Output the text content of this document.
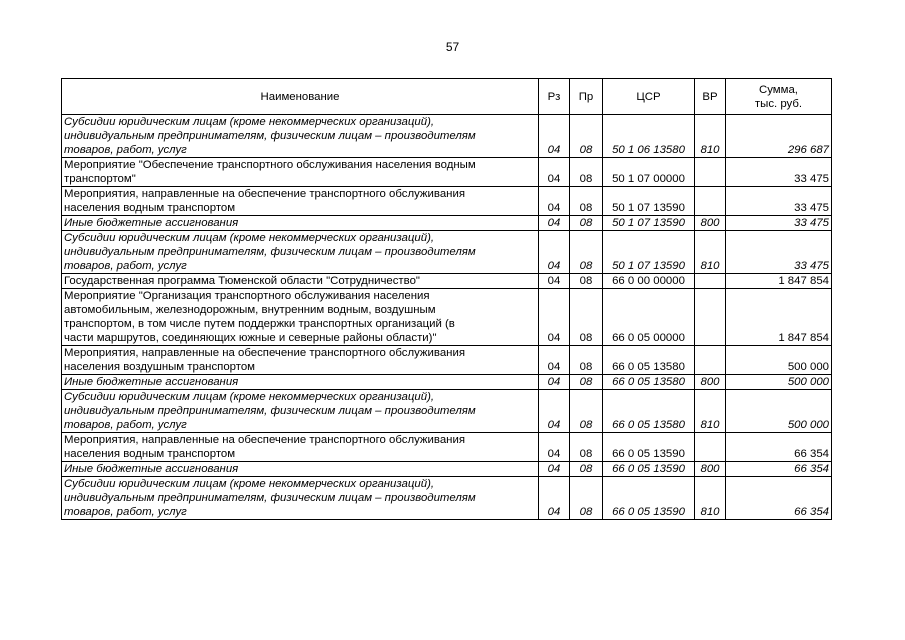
57
Наименование	Рз	Пр	ЦСР	ВР	Сумма,
тыс. руб.

Субсидии юридическим лицам (кроме некоммерческих организаций),
индивидуальным предпринимателям, физическим лицам – производителям
товаров, работ, услуг	04	08	50 1 06 13580	810	296 687

Мероприятие "Обеспечение транспортного обслуживания населения водным
транспортом"	04	08	50 1 07 00000		33 475

Мероприятия, направленные на обеспечение транспортного обслуживания
населения водным транспортом	04	08	50 1 07 13590		33 475

Иные бюджетные ассигнования	04	08	50 1 07 13590	800	33 475

Субсидии юридическим лицам (кроме некоммерческих организаций),
индивидуальным предпринимателям, физическим лицам – производителям
товаров, работ, услуг	04	08	50 1 07 13590	810	33 475

Государственная программа Тюменской области "Сотрудничество"	04	08	66 0 00 00000		1 847 854

Мероприятие "Организация транспортного обслуживания населения
автомобильным, железнодорожным, внутренним водным, воздушным
транспортом, в том числе путем поддержки транспортных организаций (в
части маршрутов, соединяющих южные и северные районы области)"	04	08	66 0 05 00000		1 847 854

Мероприятия, направленные на обеспечение транспортного обслуживания
населения воздушным транспортом	04	08	66 0 05 13580		500 000

Иные бюджетные ассигнования	04	08	66 0 05 13580	800	500 000

Субсидии юридическим лицам (кроме некоммерческих организаций),
индивидуальным предпринимателям, физическим лицам – производителям
товаров, работ, услуг	04	08	66 0 05 13580	810	500 000

Мероприятия, направленные на обеспечение транспортного обслуживания
населения водным транспортом	04	08	66 0 05 13590		66 354

Иные бюджетные ассигнования	04	08	66 0 05 13590	800	66 354

Субсидии юридическим лицам (кроме некоммерческих организаций),
индивидуальным предпринимателям, физическим лицам – производителям
товаров, работ, услуг	04	08	66 0 05 13590	810	66 354
